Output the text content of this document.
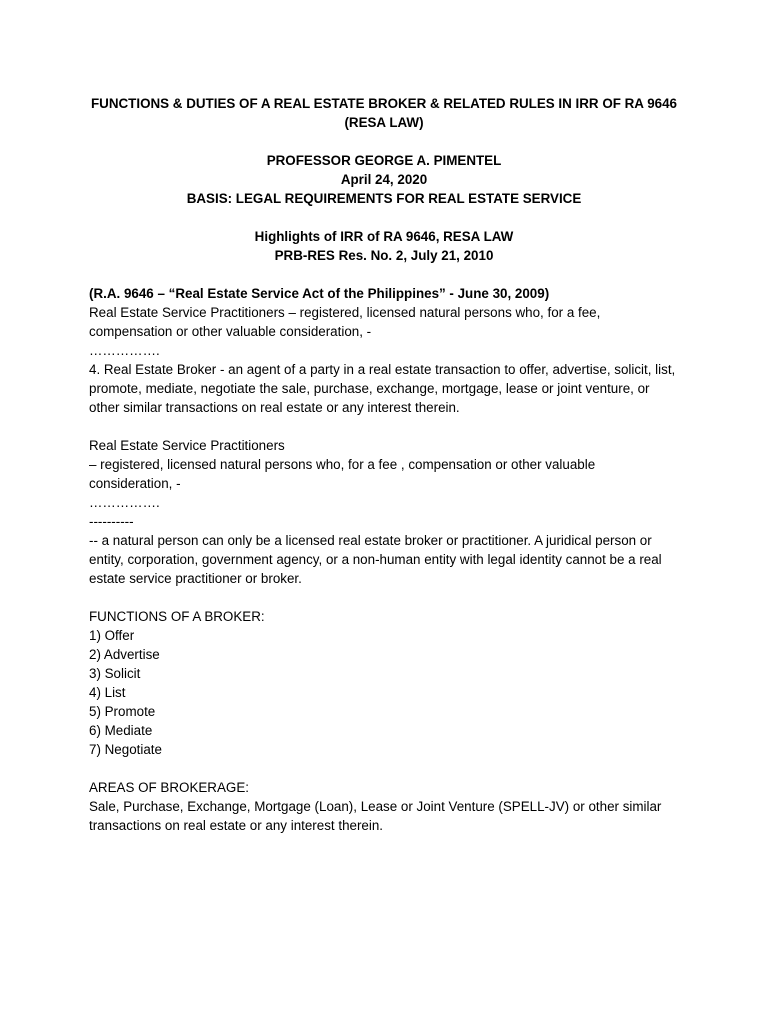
FUNCTIONS & DUTIES OF A REAL ESTATE BROKER & RELATED RULES IN IRR OF RA 9646 (RESA LAW)

PROFESSOR GEORGE A. PIMENTEL

April 24, 2020

BASIS: LEGAL REQUIREMENTS FOR REAL ESTATE SERVICE

Highlights of IRR of RA 9646, RESA LAW

PRB-RES Res. No. 2, July 21, 2010

(R.A. 9646 – “Real Estate Service Act of the Philippines” - June 30, 2009)

Real Estate Service Practitioners – registered, licensed natural persons who, for a fee, compensation or other valuable consideration, -

…………….

4. Real Estate Broker - an agent of a party in a real estate transaction to offer, advertise, solicit, list, promote, mediate, negotiate the sale, purchase, exchange, mortgage, lease or joint venture, or other similar transactions on real estate or any interest therein.

Real Estate Service Practitioners

– registered, licensed natural persons who, for a fee , compensation or other valuable consideration, -

…………….

----------

-- a natural person can only be a licensed real estate broker or practitioner. A juridical person or entity, corporation, government agency, or a non-human entity with legal identity cannot be a real estate service practitioner or broker.

FUNCTIONS OF A BROKER:

1) Offer
2) Advertise
3) Solicit
4) List
5) Promote
6) Mediate
7) Negotiate

AREAS OF BROKERAGE:

Sale, Purchase, Exchange, Mortgage (Loan), Lease or Joint Venture (SPELL-JV) or other similar transactions on real estate or any interest therein.
